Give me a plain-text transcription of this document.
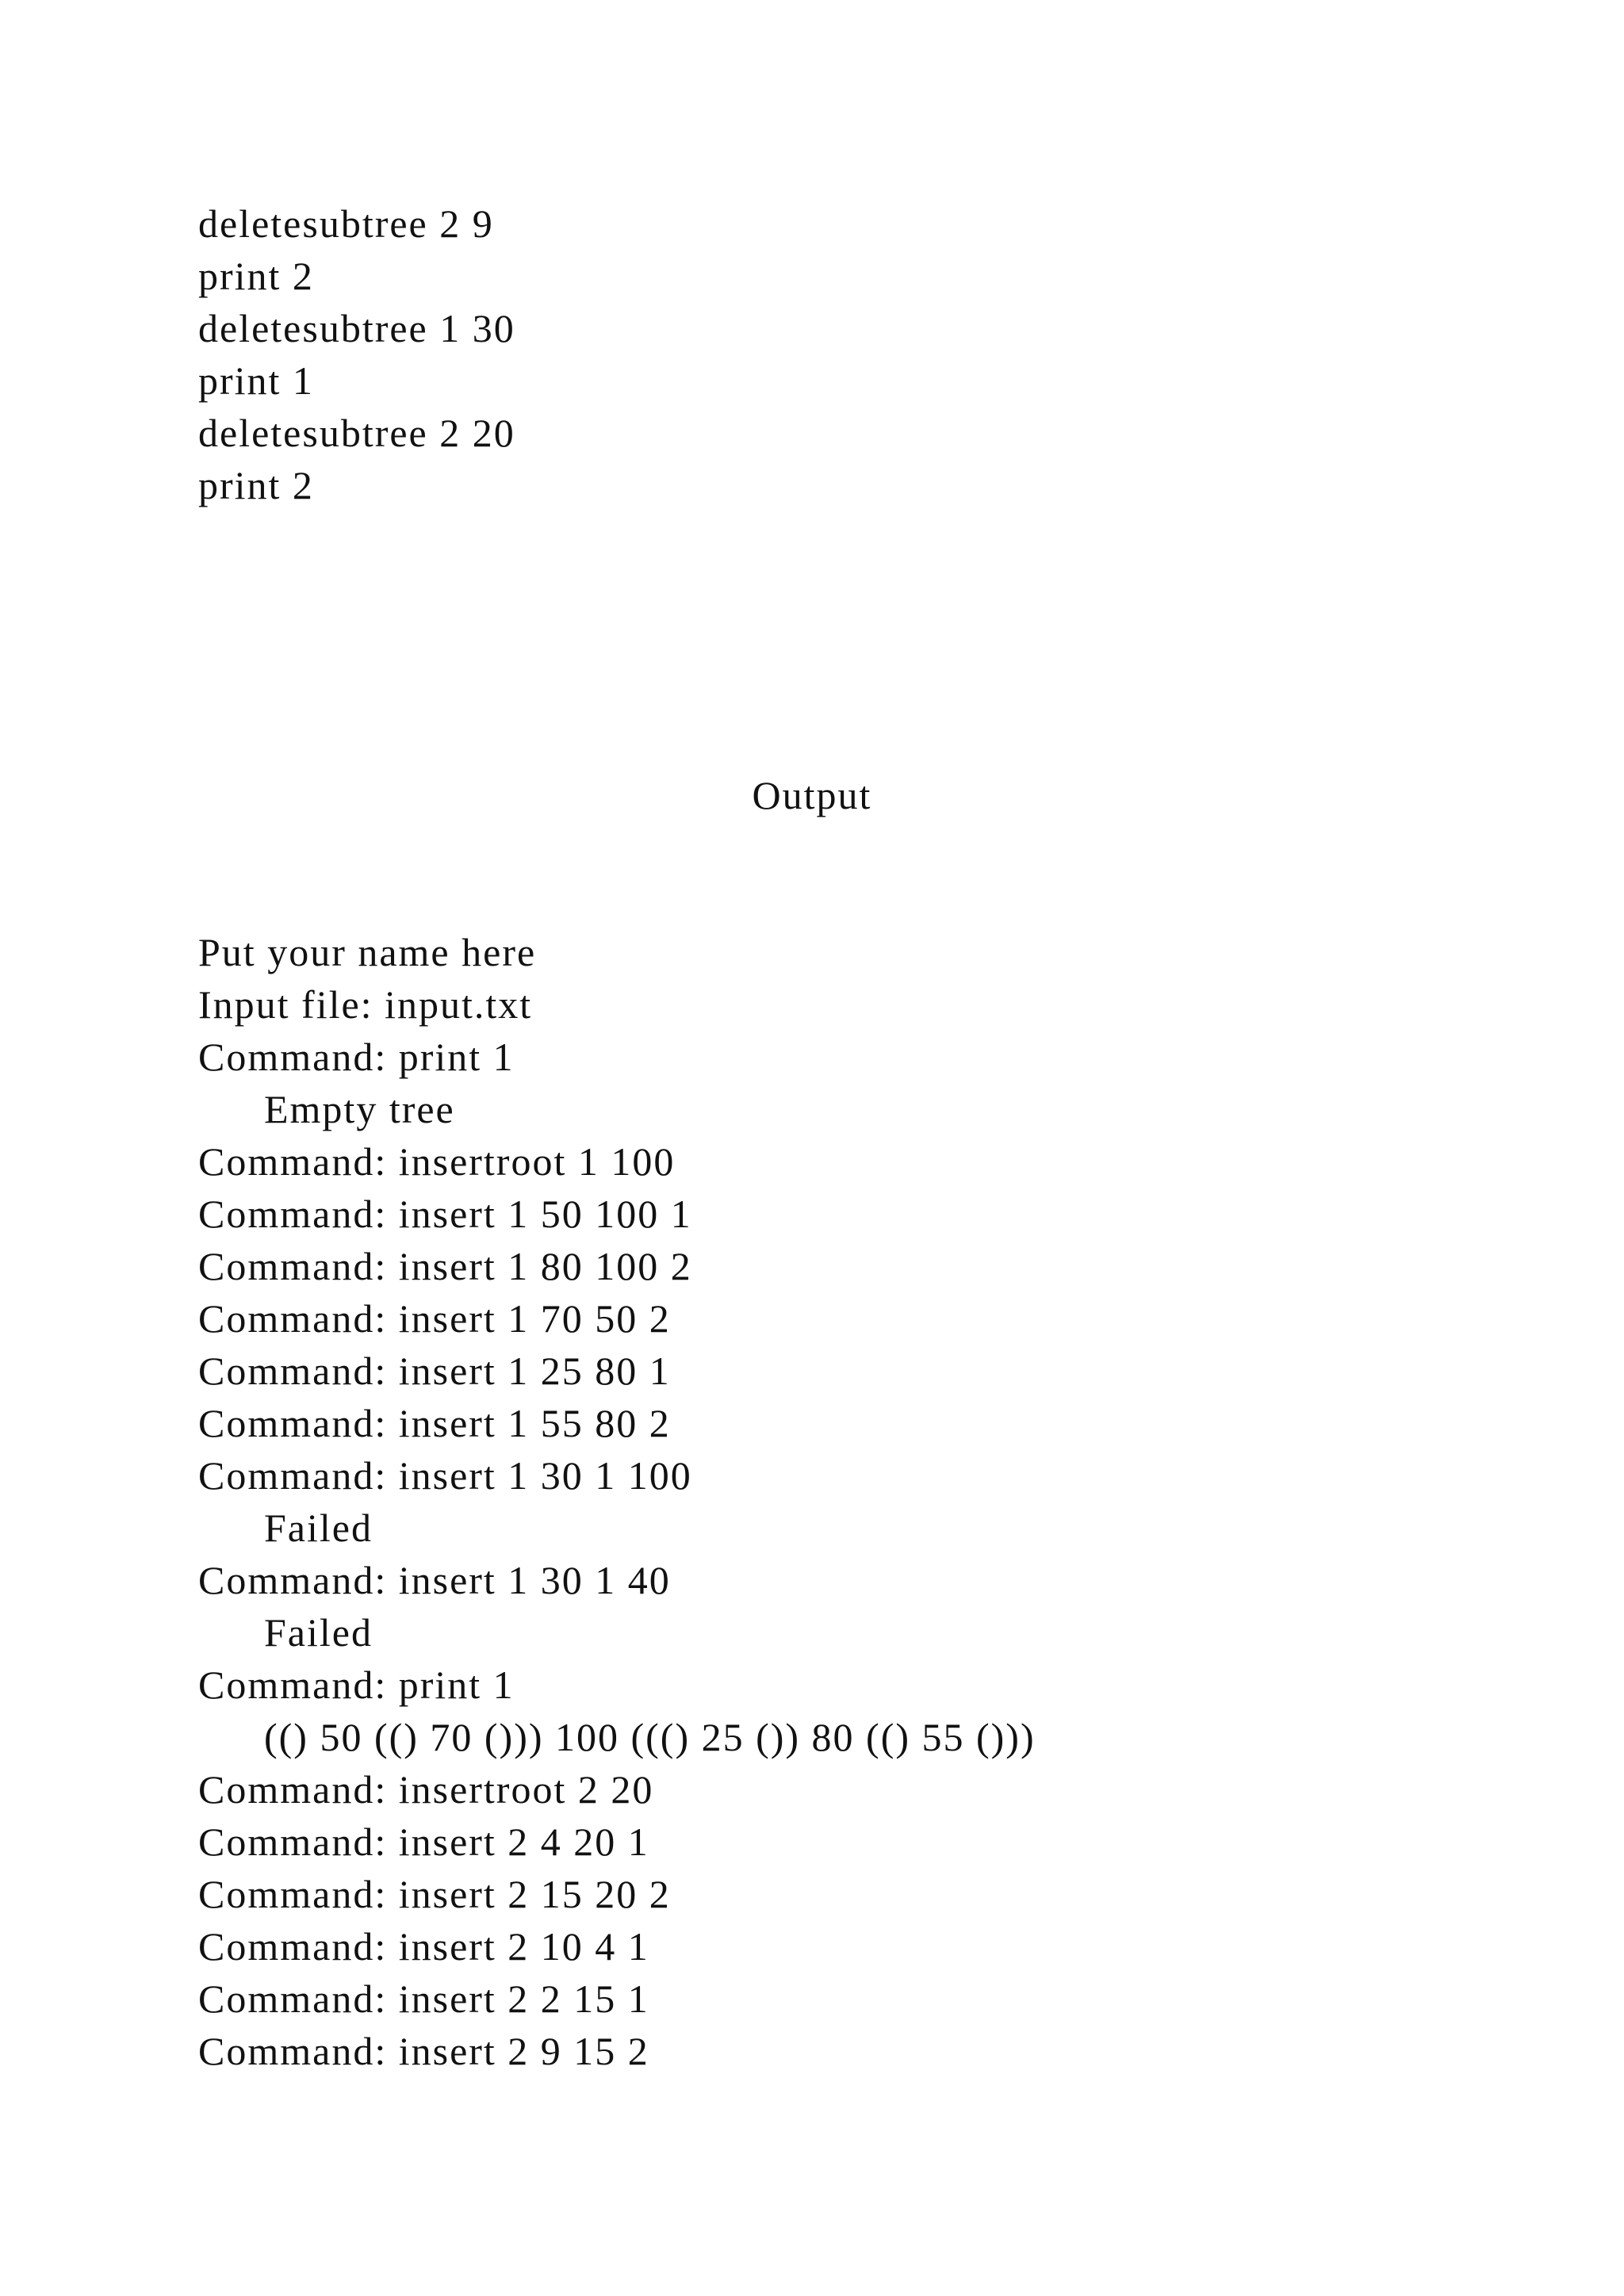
deletesubtree 2 9
print 2
deletesubtree 1 30
print 1
deletesubtree 2 20
print 2
Output
Put your name here
Input file: input.txt
Command: print 1
Empty tree
Command: insertroot 1 100
Command: insert 1 50 100 1
Command: insert 1 80 100 2
Command: insert 1 70 50 2
Command: insert 1 25 80 1
Command: insert 1 55 80 2
Command: insert 1 30 1 100
Failed
Command: insert 1 30 1 40
Failed
Command: print 1
(() 50 (() 70 ())) 100 ((() 25 ()) 80 (() 55 ()))
Command: insertroot 2 20
Command: insert 2 4 20 1
Command: insert 2 15 20 2
Command: insert 2 10 4 1
Command: insert 2 2 15 1
Command: insert 2 9 15 2
